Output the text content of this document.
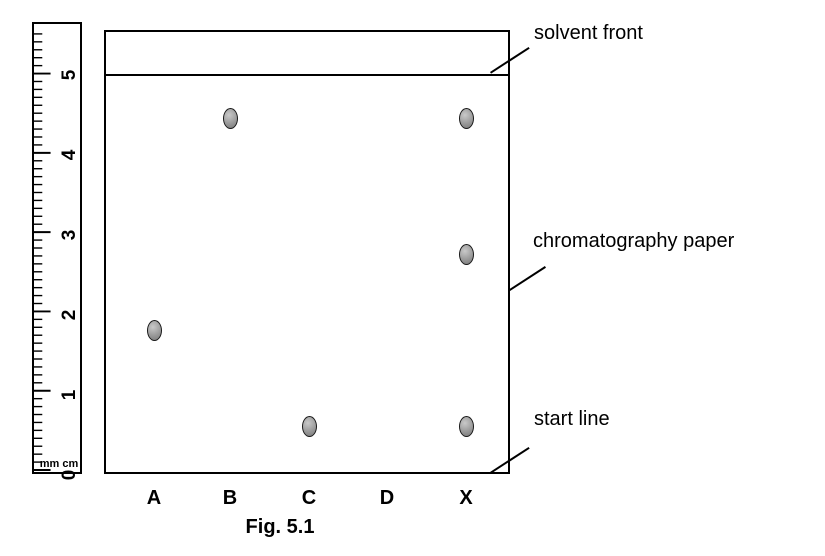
0
1
2
3
4
5
mm cm
A	B	C	D	X
solvent front
chromatography paper
start line
Fig. 5.1
